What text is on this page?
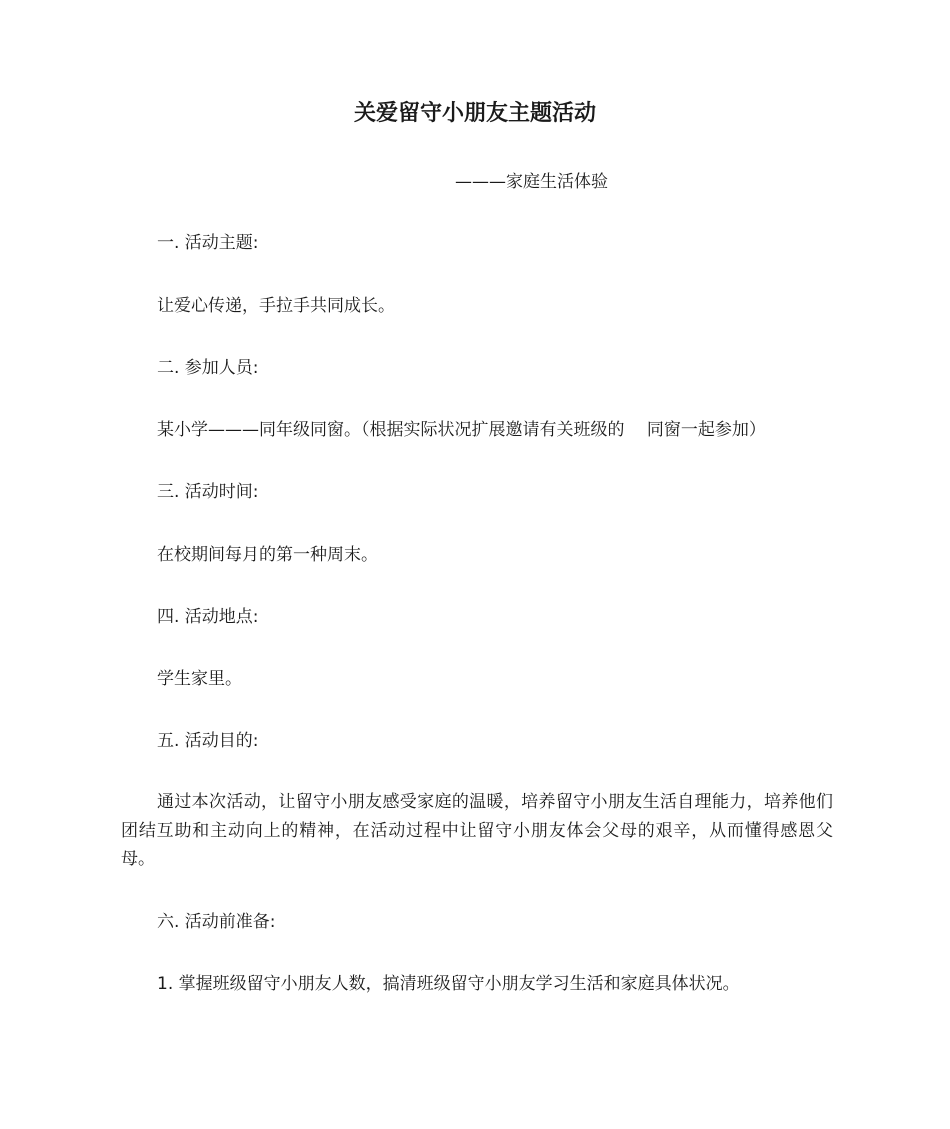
关爱留守小朋友主题活动
———家庭生活体验
一. 活动主题:
让爱心传递，手拉手共同成长。
二. 参加人员:
某小学———同年级同窗。（根据实际状况扩展邀请有关班级的　 同窗一起参加）
三. 活动时间:
在校期间每月的第一种周末。
四. 活动地点:
学生家里。
五. 活动目的:
通过本次活动，让留守小朋友感受家庭的温暖，培养留守小朋友生活自理能力，培养他们团结互助和主动向上的精神，在活动过程中让留守小朋友体会父母的艰辛，从而懂得感恩父母。
六. 活动前准备:
1. 掌握班级留守小朋友人数，搞清班级留守小朋友学习生活和家庭具体状况。
